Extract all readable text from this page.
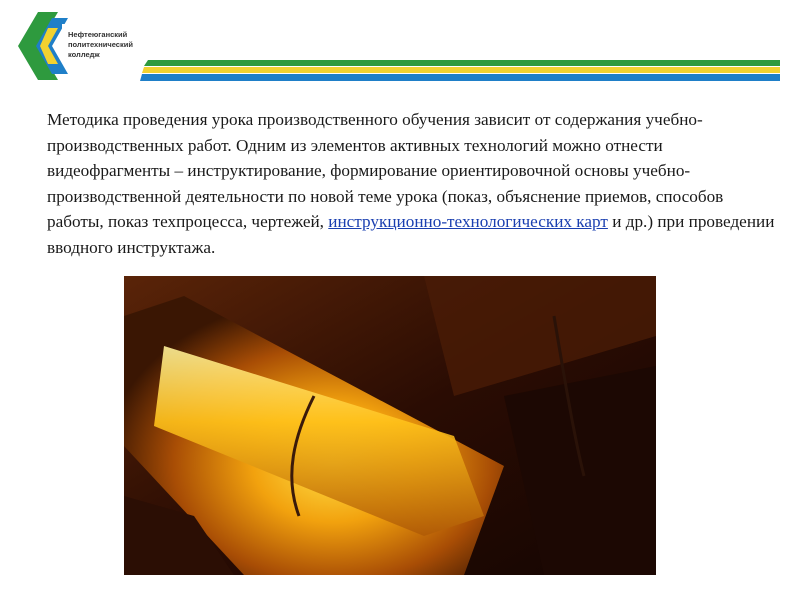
Нефтеюганский
политехнический
колледж

Методика проведения урока производственного обучения зависит от содержания учебно-производственных работ. Одним из элементов активных технологий можно отнести видеофрагменты – инструктирование, формирование ориентировочной основы учебно-производственной деятельности по новой теме урока (показ, объяснение приемов, способов работы, показ техпроцесса, чертежей, инструкционно-технологических карт и др.) при проведении вводного инструктажа.
